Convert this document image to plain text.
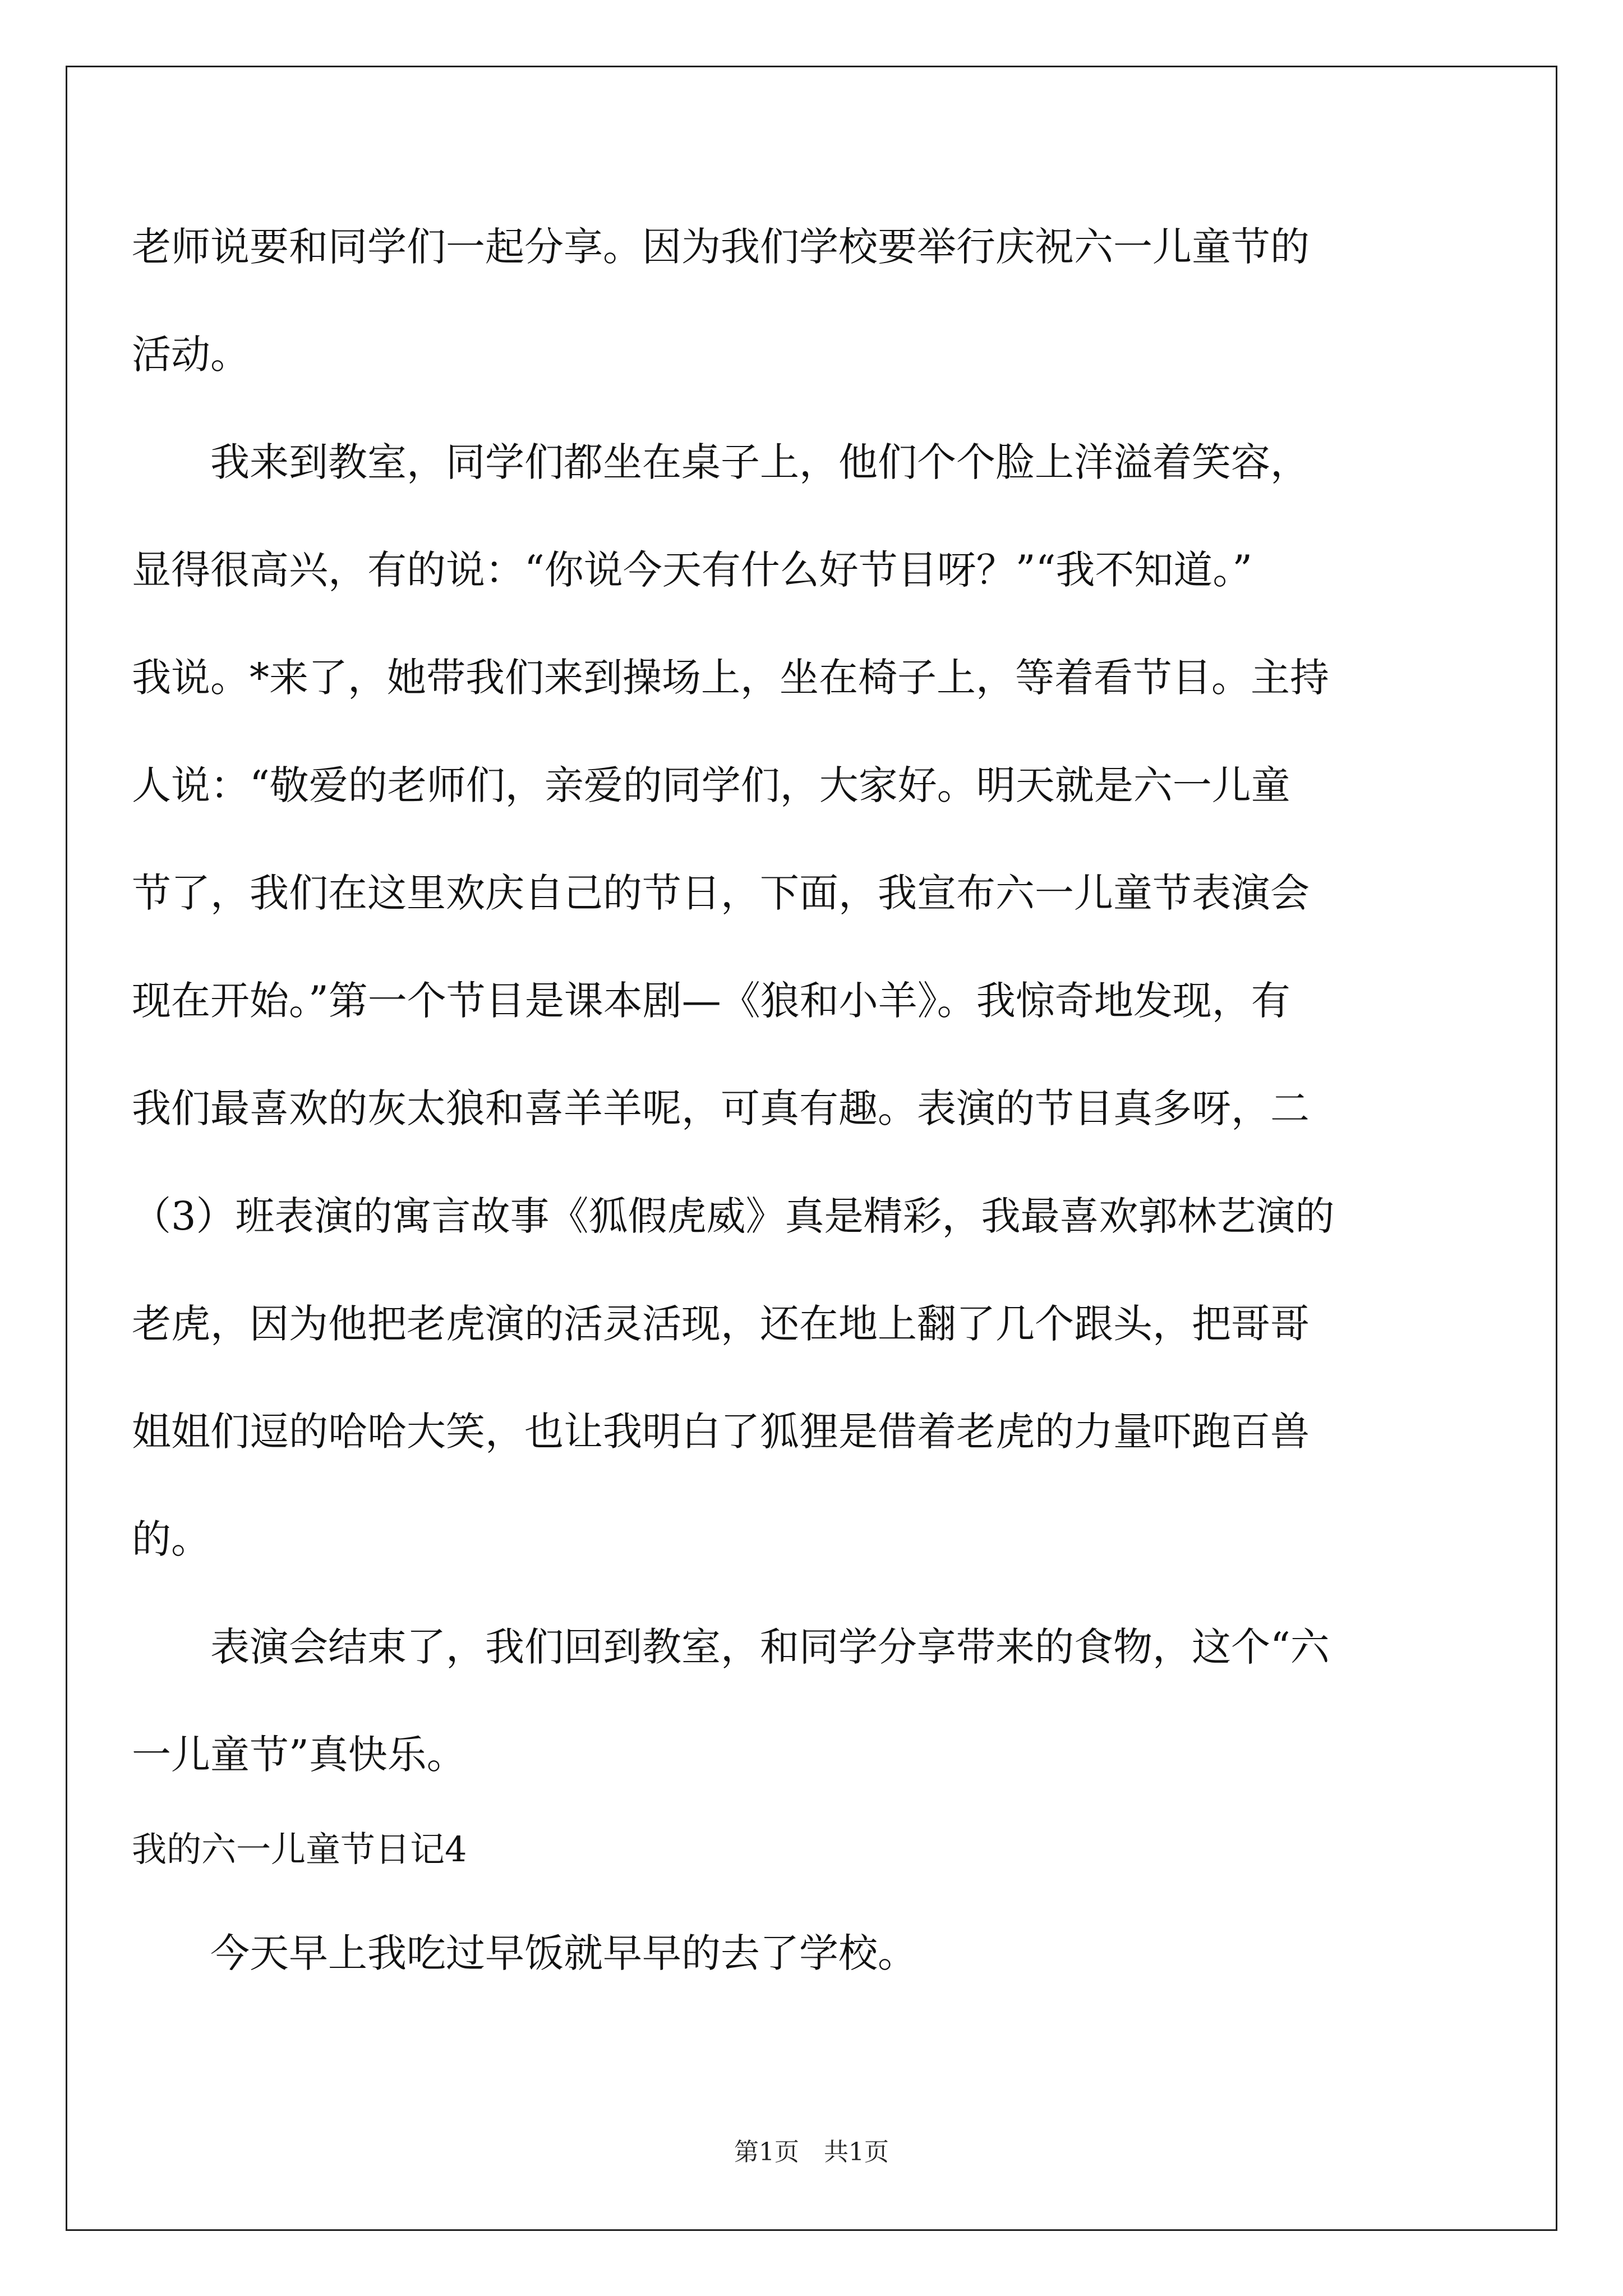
老师说要和同学们一起分享。因为我们学校要举行庆祝六一儿童节的
活动。
　　我来到教室，同学们都坐在桌子上，他们个个脸上洋溢着笑容，
显得很高兴，有的说：“你说今天有什么好节目呀？”“我不知道。”
我说。*来了，她带我们来到操场上，坐在椅子上，等着看节目。主持
人说：“敬爱的老师们，亲爱的同学们，大家好。明天就是六一儿童
节了，我们在这里欢庆自己的节日，下面，我宣布六一儿童节表演会
现在开始。”第一个节目是课本剧—《狼和小羊》。我惊奇地发现，有
我们最喜欢的灰太狼和喜羊羊呢，可真有趣。表演的节目真多呀，二
（3）班表演的寓言故事《狐假虎威》真是精彩，我最喜欢郭林艺演的
老虎，因为他把老虎演的活灵活现，还在地上翻了几个跟头，把哥哥
姐姐们逗的哈哈大笑，也让我明白了狐狸是借着老虎的力量吓跑百兽
的。
　　表演会结束了，我们回到教室，和同学分享带来的食物，这个“六
一儿童节”真快乐。
我的六一儿童节日记4
　　今天早上我吃过早饭就早早的去了学校。
第1页　共1页
